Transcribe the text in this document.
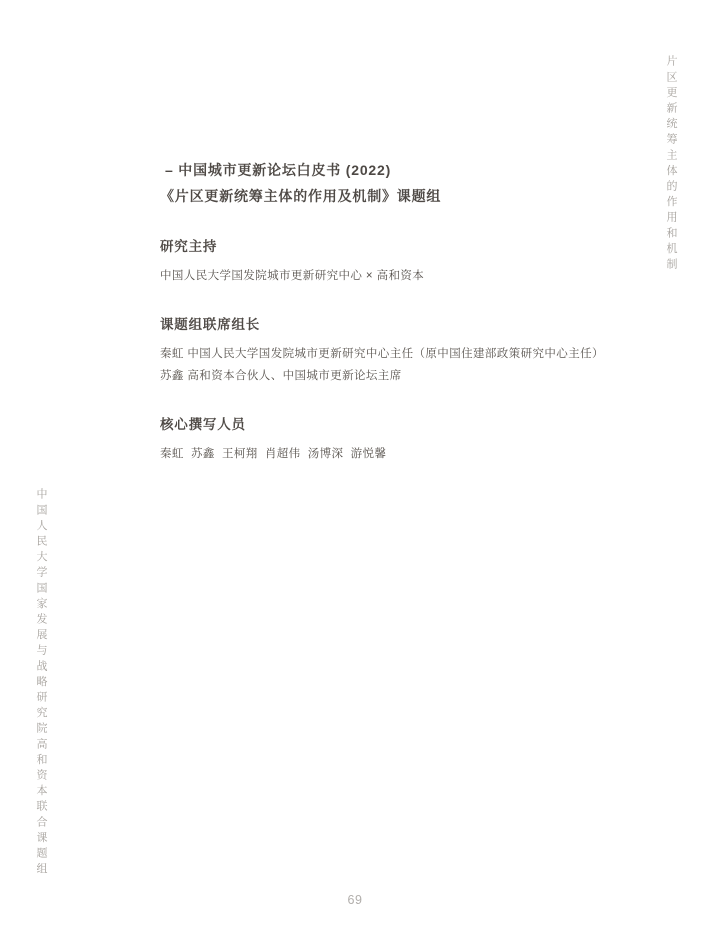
片区更新统筹主体的作用和机制
中国人民大学国家发展与战略研究院高和资本联合课题组
– 中国城市更新论坛白皮书 (2022)
《片区更新统筹主体的作用及机制》课题组
研究主持
中国人民大学国发院城市更新研究中心 × 高和资本
课题组联席组长
秦虹 中国人民大学国发院城市更新研究中心主任（原中国住建部政策研究中心主任）
苏鑫 高和资本合伙人、中国城市更新论坛主席
核心撰写人员
秦虹  苏鑫  王柯翔  肖超伟  汤博深  游悦馨
69
